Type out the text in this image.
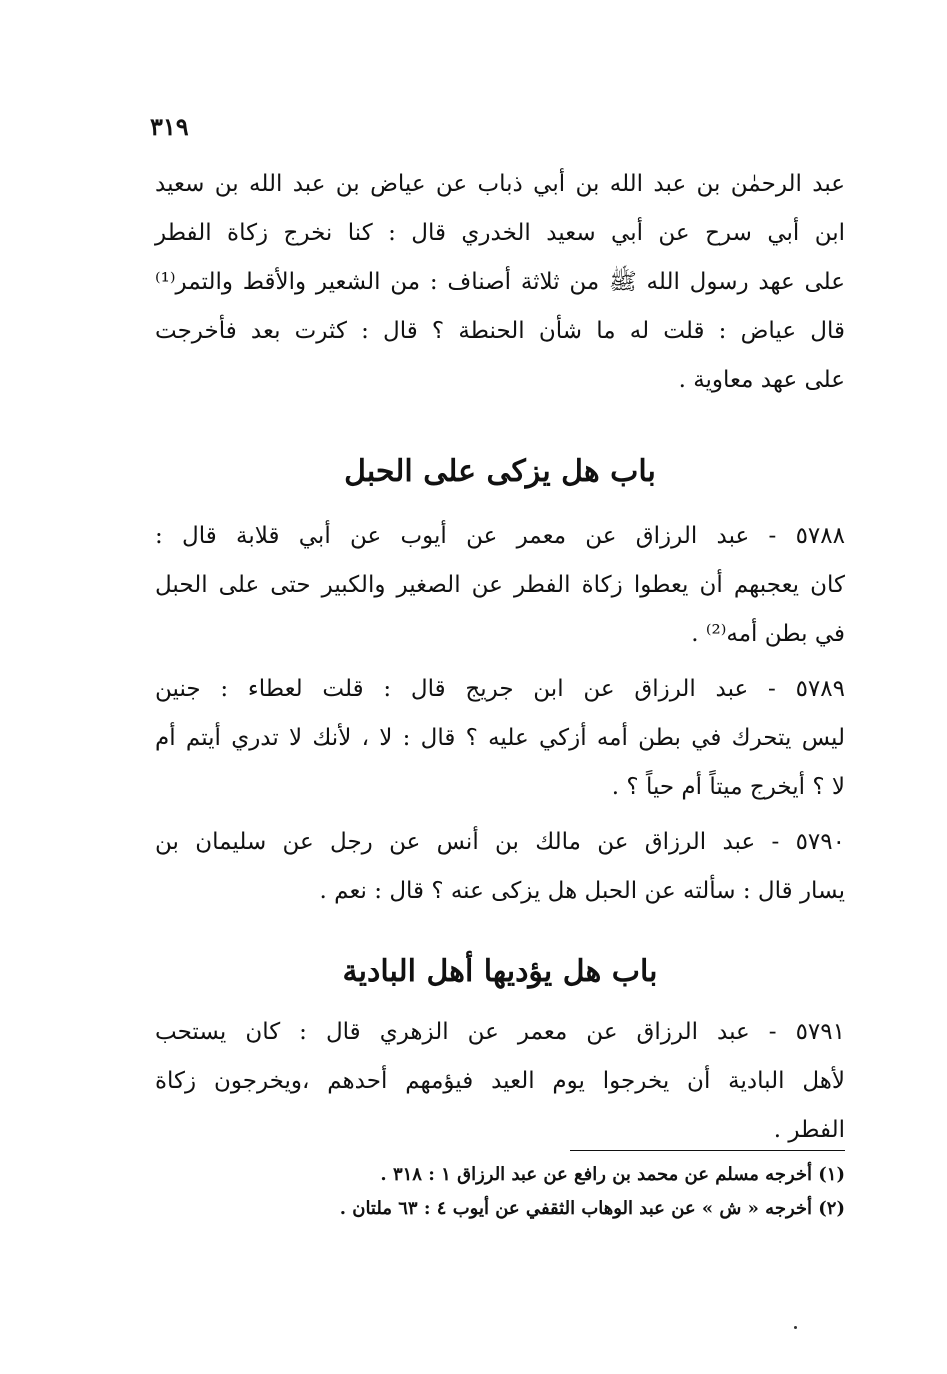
٣١٩
عبد الرحمٰن بن عبد الله بن أبي ذباب عن عياض بن عبد الله بن سعيد
ابن أبي سرح عن أبي سعيد الخدري قال : كنا نخرج زكاة الفطر
على عهد رسول الله ﷺ من ثلاثة أصناف : من الشعير والأقط والتمر⁽¹⁾
قال عياض : قلت له ما شأن الحنطة ؟ قال : كثرت بعد فأخرجت
على عهد معاوية .
باب هل يزكى على الحبل
٥٧٨٨ - عبد الرزاق عن معمر عن أيوب عن أبي قلابة قال :
كان يعجبهم أن يعطوا زكاة الفطر عن الصغير والكبير حتى على الحبل
في بطن أمه⁽²⁾ .
٥٧٨٩ - عبد الرزاق عن ابن جريج قال : قلت لعطاء : جنين
ليس يتحرك في بطن أمه أزكي عليه ؟ قال : لا ، لأنك لا تدري أيتم أم
لا ؟ أيخرج ميتاً أم حياً ؟ .
٥٧٩٠ - عبد الرزاق عن مالك بن أنس عن رجل عن سليمان بن
يسار قال : سألته عن الحبل هل يزكى عنه ؟ قال : نعم .
باب هل يؤديها أهل البادية
٥٧٩١ - عبد الرزاق عن معمر عن الزهري قال : كان يستحب
لأهل البادية أن يخرجوا يوم العيد فيؤمهم أحدهم ،ويخرجون زكاة
الفطر .
(١) أخرجه مسلم عن محمد بن رافع عن عبد الرزاق ١ : ٣١٨ .
(٢) أخرجه « ش » عن عبد الوهاب الثقفي عن أيوب ٤ : ٦٣ ملتان .
